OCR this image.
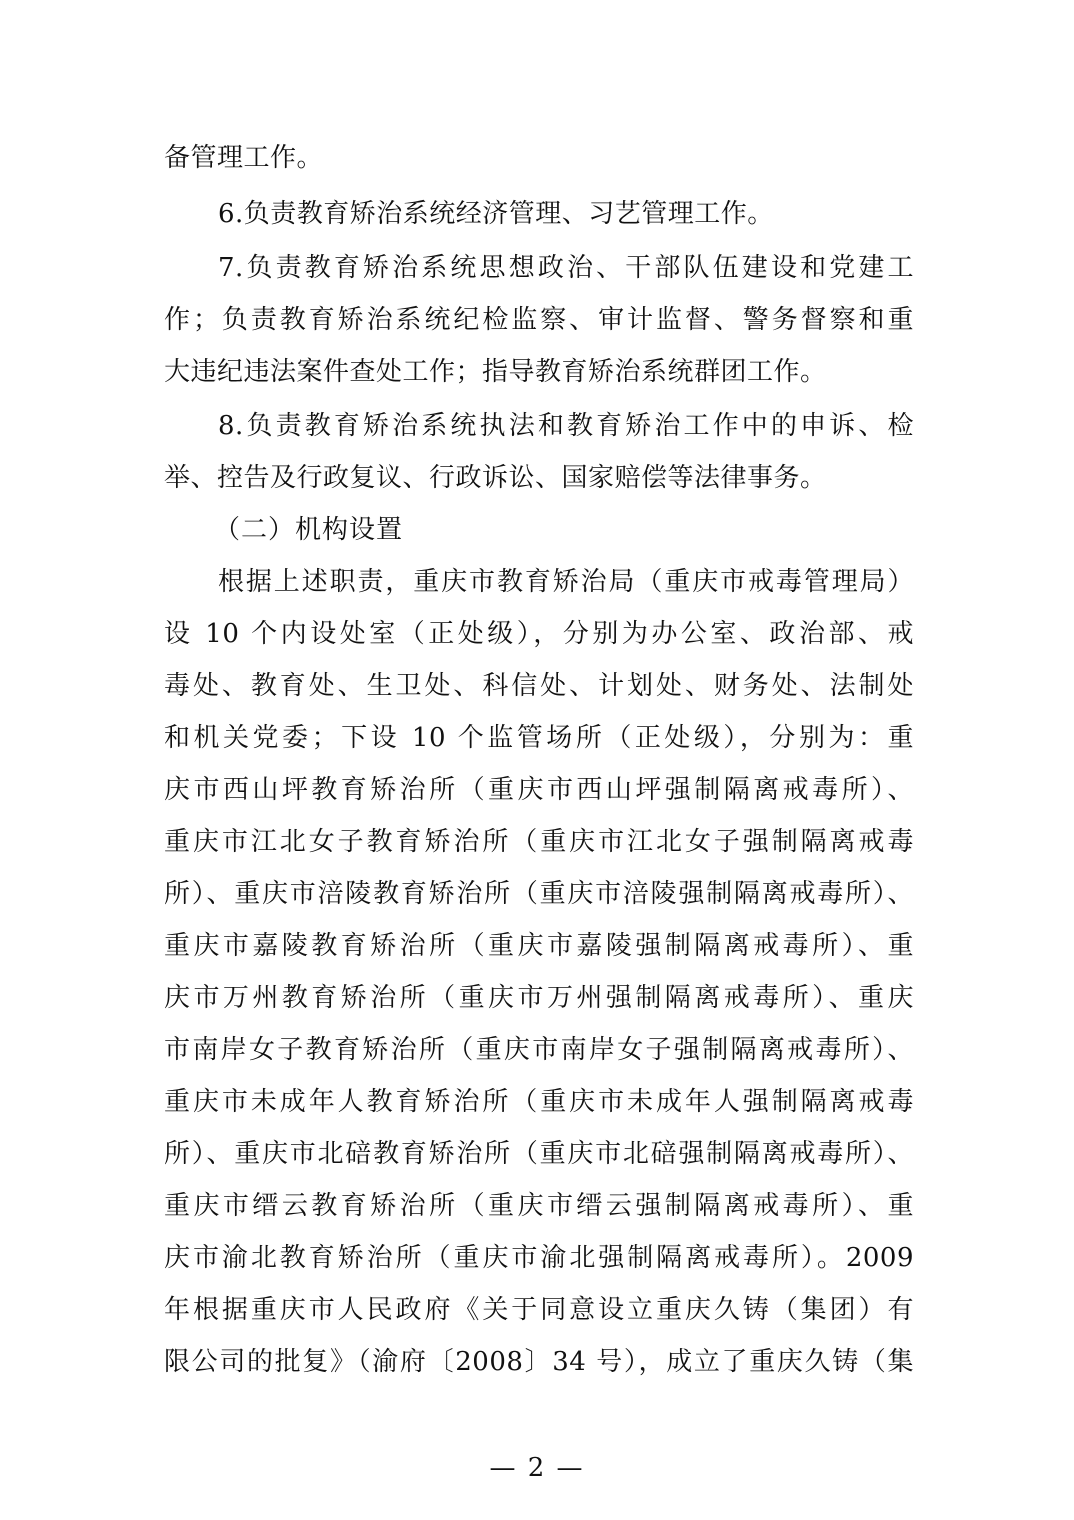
备管理工作。
6.负责教育矫治系统经济管理、习艺管理工作。
7.负责教育矫治系统思想政治、干部队伍建设和党建工
作；负责教育矫治系统纪检监察、审计监督、警务督察和重
大违纪违法案件查处工作；指导教育矫治系统群团工作。
8.负责教育矫治系统执法和教育矫治工作中的申诉、检
举、控告及行政复议、行政诉讼、国家赔偿等法律事务。
（二）机构设置
根据上述职责，重庆市教育矫治局（重庆市戒毒管理局）
设 10 个内设处室（正处级），分别为办公室、政治部、戒
毒处、教育处、生卫处、科信处、计划处、财务处、法制处
和机关党委；下设 10 个监管场所（正处级），分别为：重
庆市西山坪教育矫治所（重庆市西山坪强制隔离戒毒所）、
重庆市江北女子教育矫治所（重庆市江北女子强制隔离戒毒
所）、重庆市涪陵教育矫治所（重庆市涪陵强制隔离戒毒所）、
重庆市嘉陵教育矫治所（重庆市嘉陵强制隔离戒毒所）、重
庆市万州教育矫治所（重庆市万州强制隔离戒毒所）、重庆
市南岸女子教育矫治所（重庆市南岸女子强制隔离戒毒所）、
重庆市未成年人教育矫治所（重庆市未成年人强制隔离戒毒
所）、重庆市北碚教育矫治所（重庆市北碚强制隔离戒毒所）、
重庆市缙云教育矫治所（重庆市缙云强制隔离戒毒所）、重
庆市渝北教育矫治所（重庆市渝北强制隔离戒毒所）。2009
年根据重庆市人民政府《关于同意设立重庆久铸（集团）有
限公司的批复》（渝府〔2008〕34 号），成立了重庆久铸（集
— 2 —
